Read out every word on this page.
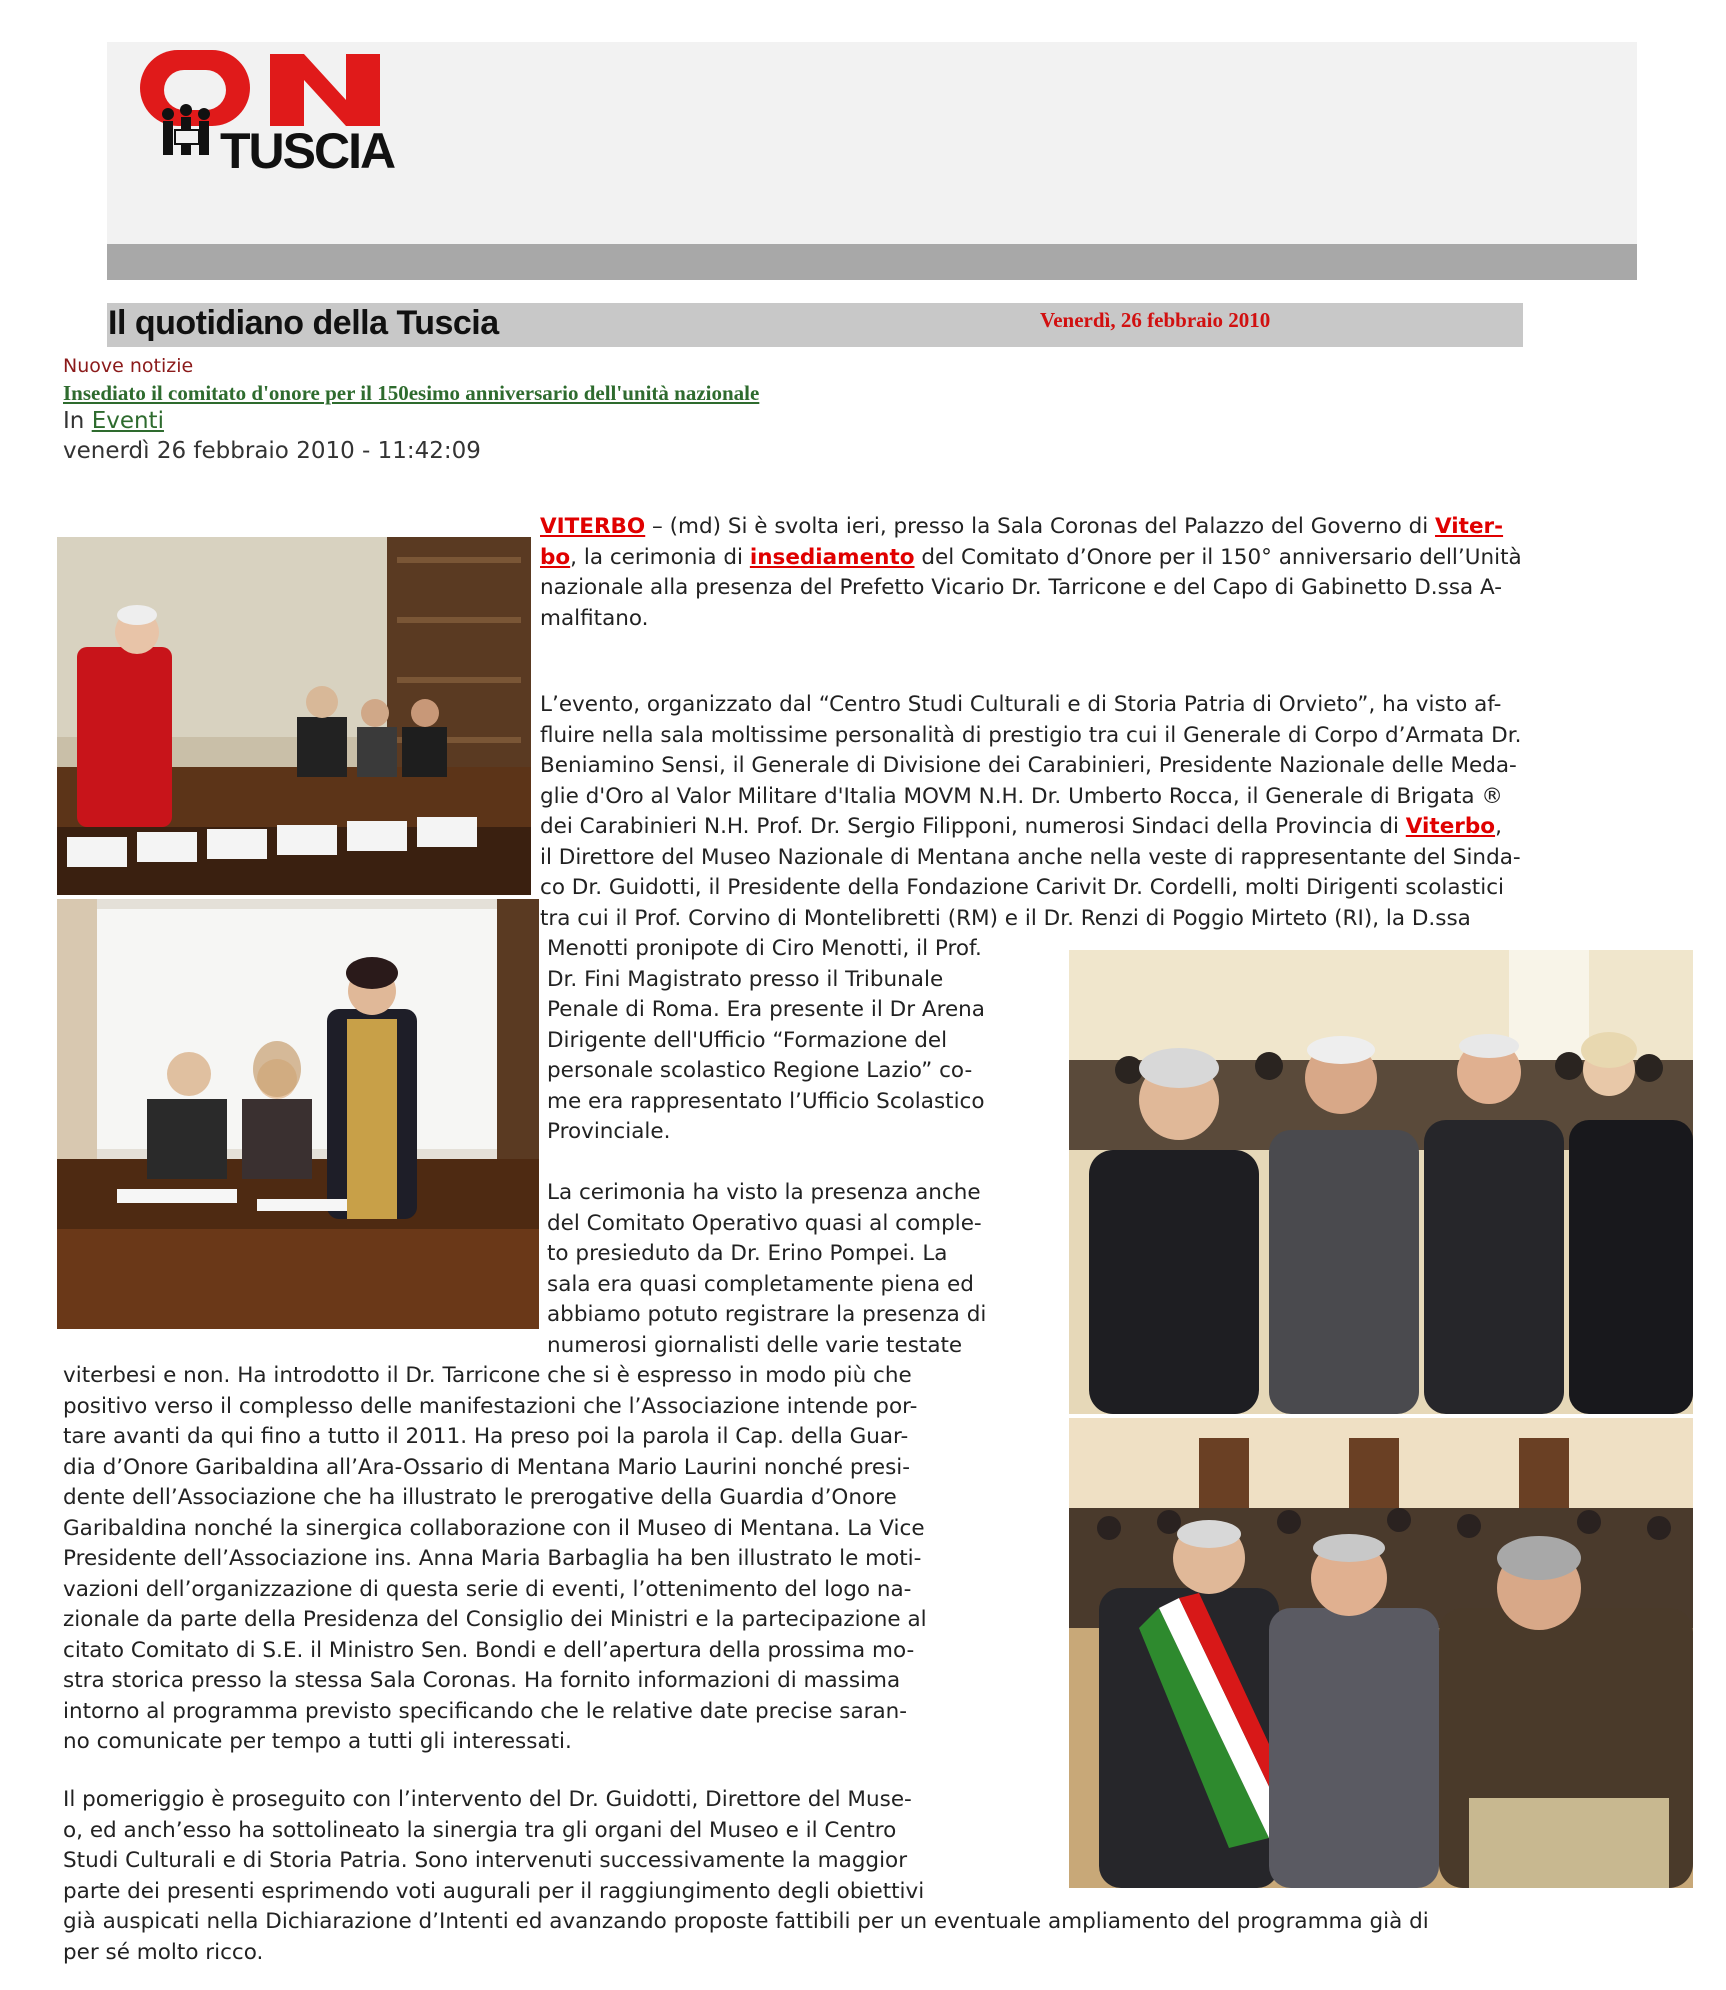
TUSCIA
Il quotidiano della Tuscia	Venerdì, 26 febbraio 2010
Nuove notizie
Insediato il comitato d'onore per il 150esimo anniversario dell'unità nazionale
In Eventi
venerdì 26 febbraio 2010 - 11:42:09
VITERBO – (md) Si è svolta ieri, presso la Sala Coronas del Palazzo del Governo di Viter-
bo, la cerimonia di insediamento del Comitato d’Onore per il 150° anniversario dell’Unità
nazionale alla presenza del Prefetto Vicario Dr. Tarricone e del Capo di Gabinetto D.ssa A-
malfitano.
L’evento, organizzato dal “Centro Studi Culturali e di Storia Patria di Orvieto”, ha visto af-
fluire nella sala moltissime personalità di prestigio tra cui il Generale di Corpo d’Armata Dr.
Beniamino Sensi, il Generale di Divisione dei Carabinieri, Presidente Nazionale delle Meda-
glie d'Oro al Valor Militare d'Italia MOVM N.H. Dr. Umberto Rocca, il Generale di Brigata ®
dei Carabinieri N.H. Prof. Dr. Sergio Filipponi, numerosi Sindaci della Provincia di Viterbo,
il Direttore del Museo Nazionale di Mentana anche nella veste di rappresentante del Sinda-
co Dr. Guidotti, il Presidente della Fondazione Carivit Dr. Cordelli, molti Dirigenti scolastici
tra cui il Prof. Corvino di Montelibretti (RM) e il Dr. Renzi di Poggio Mirteto (RI), la D.ssa
Menotti pronipote di Ciro Menotti, il Prof.
Dr. Fini Magistrato presso il Tribunale
Penale di Roma. Era presente il Dr Arena
Dirigente dell'Ufficio “Formazione del
personale scolastico Regione Lazio” co-
me era rappresentato l’Ufficio Scolastico
Provinciale.
La cerimonia ha visto la presenza anche
del Comitato Operativo quasi al comple-
to presieduto da Dr. Erino Pompei. La
sala era quasi completamente piena ed
abbiamo potuto registrare la presenza di
numerosi giornalisti delle varie testate
viterbesi e non. Ha introdotto il Dr. Tarricone che si è espresso in modo più che
positivo verso il complesso delle manifestazioni che l’Associazione intende por-
tare avanti da qui fino a tutto il 2011. Ha preso poi la parola il Cap. della Guar-
dia d’Onore Garibaldina all’Ara-Ossario di Mentana Mario Laurini nonché presi-
dente dell’Associazione che ha illustrato le prerogative della Guardia d’Onore
Garibaldina nonché la sinergica collaborazione con il Museo di Mentana. La Vice
Presidente dell’Associazione ins. Anna Maria Barbaglia ha ben illustrato le moti-
vazioni dell’organizzazione di questa serie di eventi, l’ottenimento del logo na-
zionale da parte della Presidenza del Consiglio dei Ministri e la partecipazione al
citato Comitato di S.E. il Ministro Sen. Bondi e dell’apertura della prossima mo-
stra storica presso la stessa Sala Coronas. Ha fornito informazioni di massima
intorno al programma previsto specificando che le relative date precise saran-
no comunicate per tempo a tutti gli interessati.
Il pomeriggio è proseguito con l’intervento del Dr. Guidotti, Direttore del Muse-
o, ed anch’esso ha sottolineato la sinergia tra gli organi del Museo e il Centro
Studi Culturali e di Storia Patria. Sono intervenuti successivamente la maggior
parte dei presenti esprimendo voti augurali per il raggiungimento degli obiettivi
già auspicati nella Dichiarazione d’Intenti ed avanzando proposte fattibili per un eventuale ampliamento del programma già di
per sé molto ricco.
